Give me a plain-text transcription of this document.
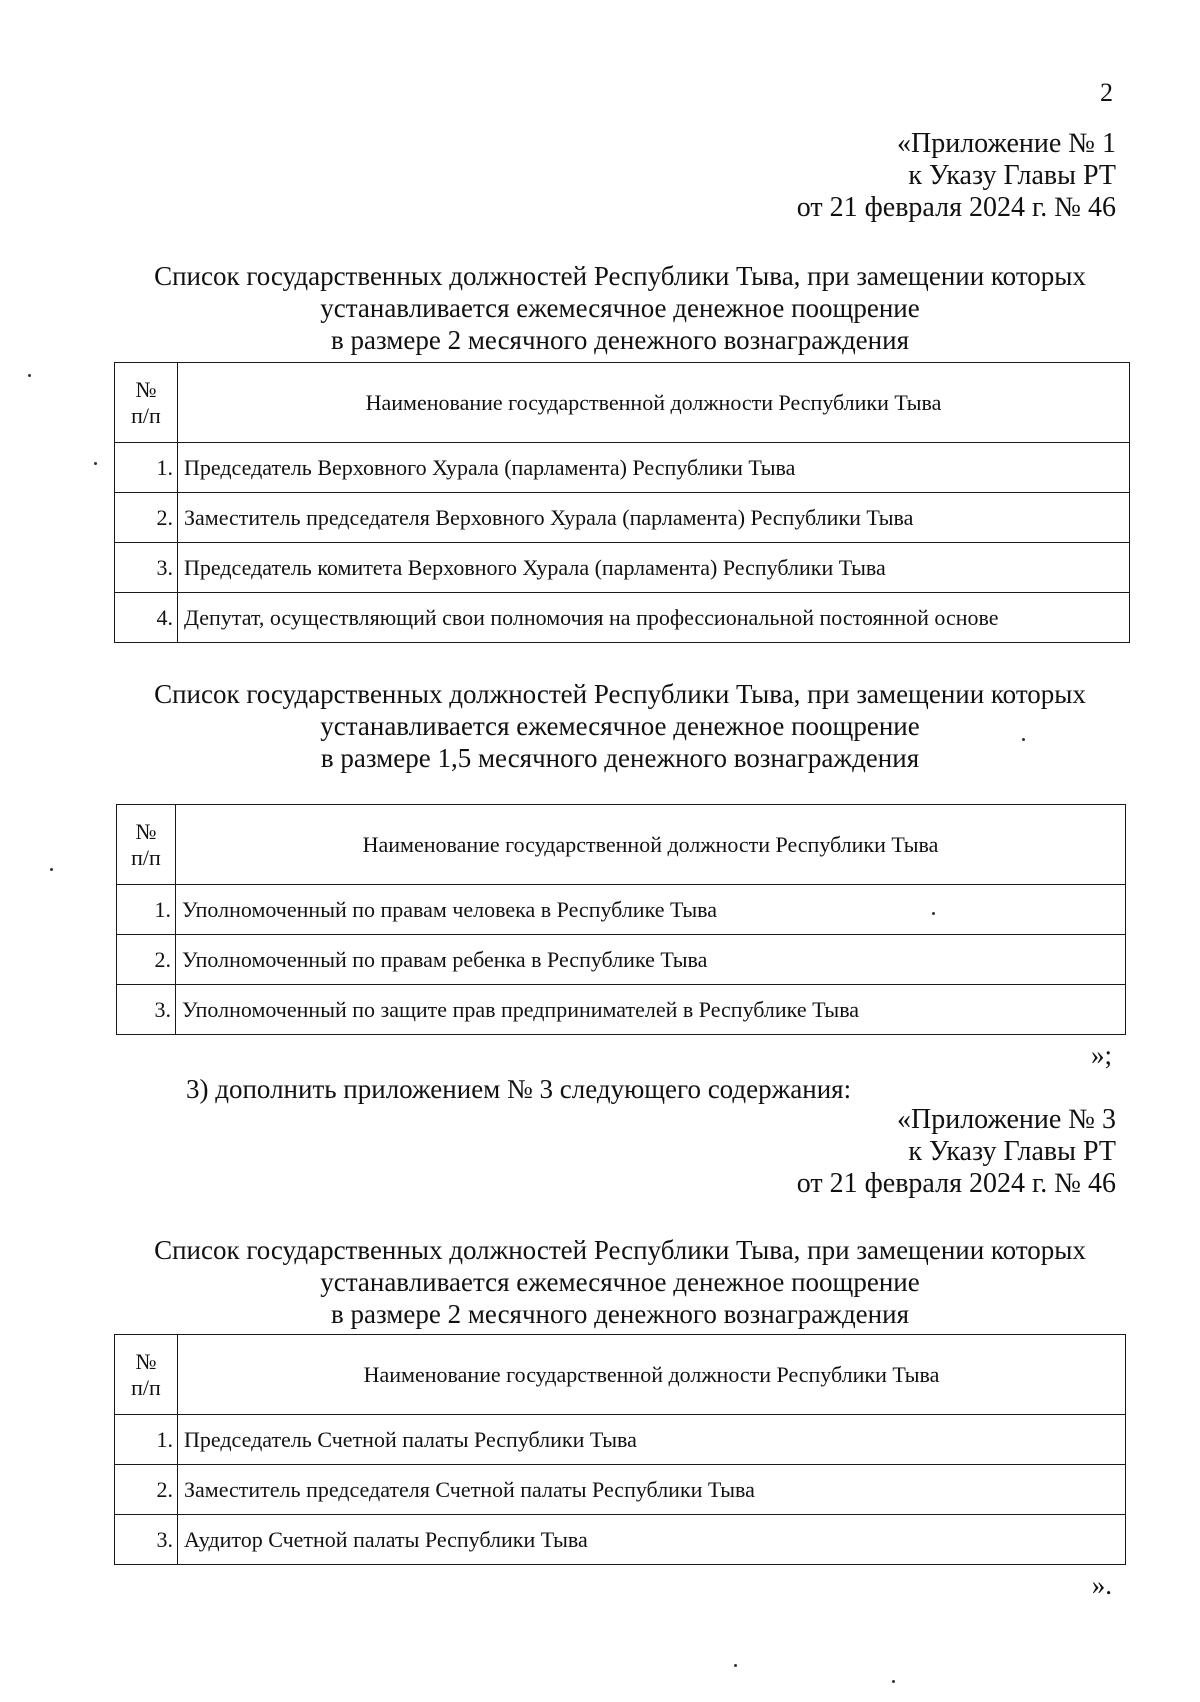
2
«Приложение № 1
к Указу Главы РТ
от 21 февраля 2024 г. № 46
Список государственных должностей Республики Тыва, при замещении которых
устанавливается ежемесячное денежное поощрение
в размере 2 месячного денежного вознаграждения
№
п/п	Наименование государственной должности Республики Тыва
1.	Председатель Верховного Хурала (парламента) Республики Тыва
2.	Заместитель председателя Верховного Хурала (парламента) Республики Тыва
3.	Председатель комитета Верховного Хурала (парламента) Республики Тыва
4.	Депутат, осуществляющий свои полномочия на профессиональной постоянной основе
Список государственных должностей Республики Тыва, при замещении которых
устанавливается ежемесячное денежное поощрение
в размере 1,5 месячного денежного вознаграждения
№
п/п	Наименование государственной должности Республики Тыва
1.	Уполномоченный по правам человека в Республике Тыва
2.	Уполномоченный по правам ребенка в Республике Тыва
3.	Уполномоченный по защите прав предпринимателей в Республике Тыва
»;
3) дополнить приложением № 3 следующего содержания:
«Приложение № 3
к Указу Главы РТ
от 21 февраля 2024 г. № 46
Список государственных должностей Республики Тыва, при замещении которых
устанавливается ежемесячное денежное поощрение
в размере 2 месячного денежного вознаграждения
№
п/п	Наименование государственной должности Республики Тыва
1.	Председатель Счетной палаты Республики Тыва
2.	Заместитель председателя Счетной палаты Республики Тыва
3.	Аудитор Счетной палаты Республики Тыва
».
